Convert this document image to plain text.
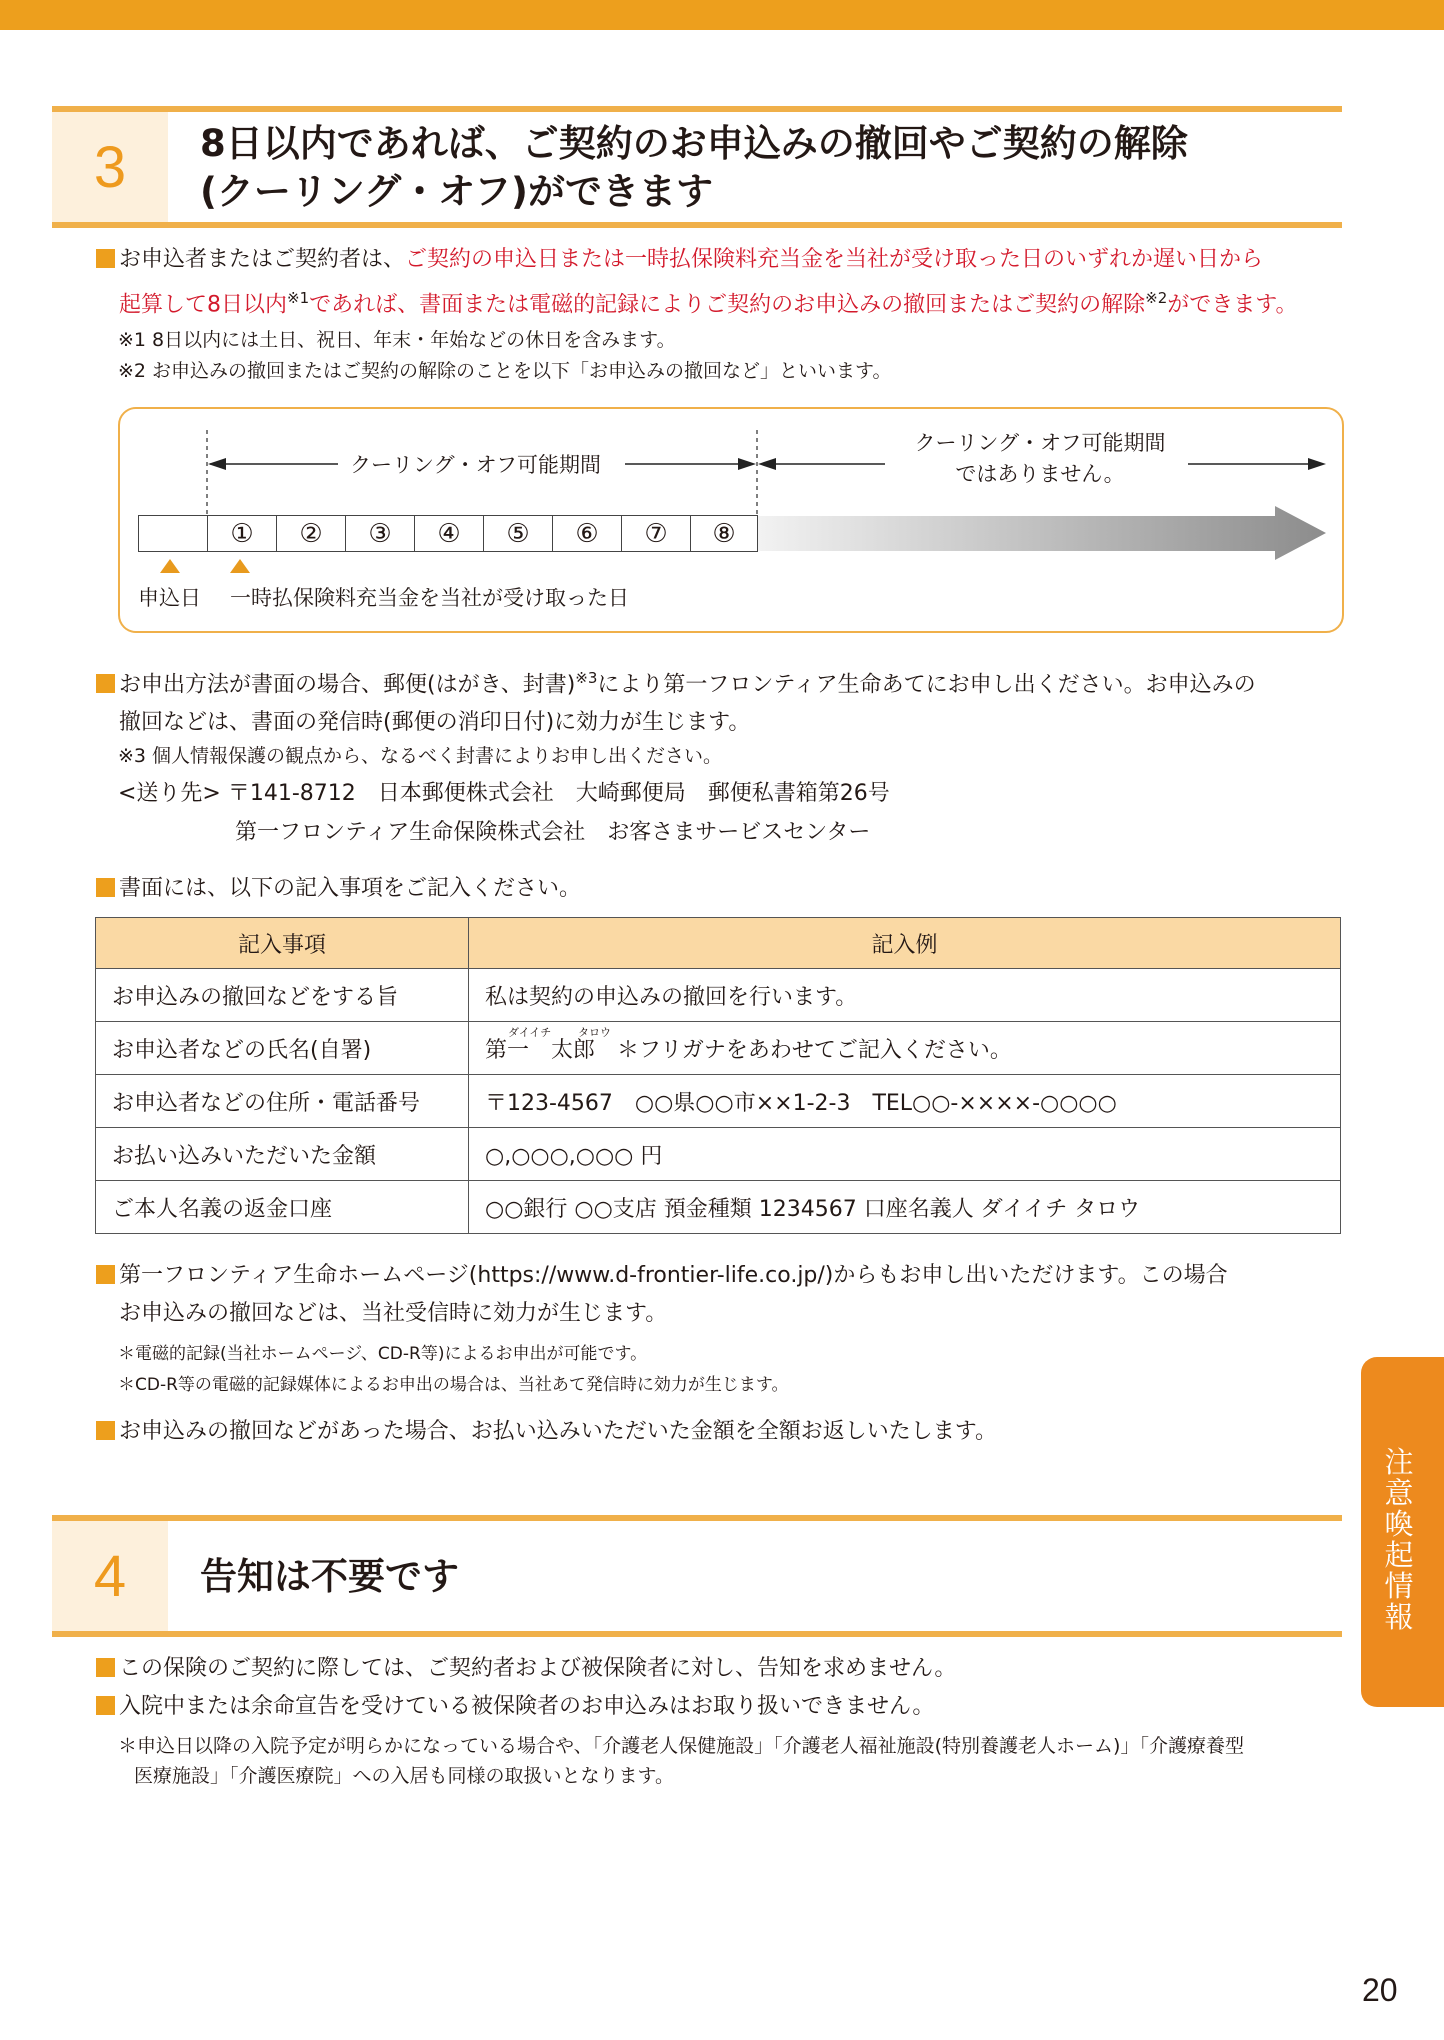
3	8日以内であれば、ご契約のお申込みの撤回やご契約の解除
(クーリング・オフ)ができます
お申込者またはご契約者は、ご契約の申込日または一時払保険料充当金を当社が受け取った日のいずれか遅い日から
起算して8日以内$^{※1}$であれば、書面または電磁的記録によりご契約のお申込みの撤回またはご契約の解除$^{※2}$ができます。
※1 8日以内には土日、祝日、年末・年始などの休日を含みます。
※2 お申込みの撤回またはご契約の解除のことを以下「お申込みの撤回など」といいます。
クーリング・オフ可能期間
クーリング・オフ可能期間
ではありません。
①	②	③	④	⑤	⑥	⑦	⑧
申込日 一時払保険料充当金を当社が受け取った日
お申出方法が書面の場合、郵便(はがき、封書)$^{※3}$により第一フロンティア生命あてにお申し出ください。お申込みの
撤回などは、書面の発信時(郵便の消印日付)に効力が生じます。
※3 個人情報保護の観点から、なるべく封書によりお申し出ください。
<送り先> 〒141-8712　日本郵便株式会社　大崎郵便局　郵便私書箱第26号
第一フロンティア生命保険株式会社　お客さまサービスセンター
書面には、以下の記入事項をご記入ください。
記入事項	記入例
お申込みの撤回などをする旨	私は契約の申込みの撤回を行います。
お申込者などの氏名(自署)	第一　太郎　＊フリガナをあわせてご記入ください。
お申込者などの住所・電話番号	〒123-4567　○○県○○市××1-2-3　TEL○○-××××-○○○○
お払い込みいただいた金額	○,○○○,○○○ 円
ご本人名義の返金口座	○○銀行 ○○支店 預金種類 1234567 口座名義人 ダイイチ タロウ
ダイイチ タロウ
第一フロンティア生命ホームページ(https://www.d-frontier-life.co.jp/)からもお申し出いただけます。この場合
お申込みの撤回などは、当社受信時に効力が生じます。
＊電磁的記録(当社ホームページ、CD-R等)によるお申出が可能です。
＊CD-R等の電磁的記録媒体によるお申出の場合は、当社あて発信時に効力が生じます。
お申込みの撤回などがあった場合、お払い込みいただいた金額を全額お返しいたします。
4	告知は不要です
この保険のご契約に際しては、ご契約者および被保険者に対し、告知を求めません。
入院中または余命宣告を受けている被保険者のお申込みはお取り扱いできません。
＊申込日以降の入院予定が明らかになっている場合や、「介護老人保健施設」「介護老人福祉施設(特別養護老人ホーム)」「介護療養型
医療施設」「介護医療院」への入居も同様の取扱いとなります。
注意喚起情報
20
